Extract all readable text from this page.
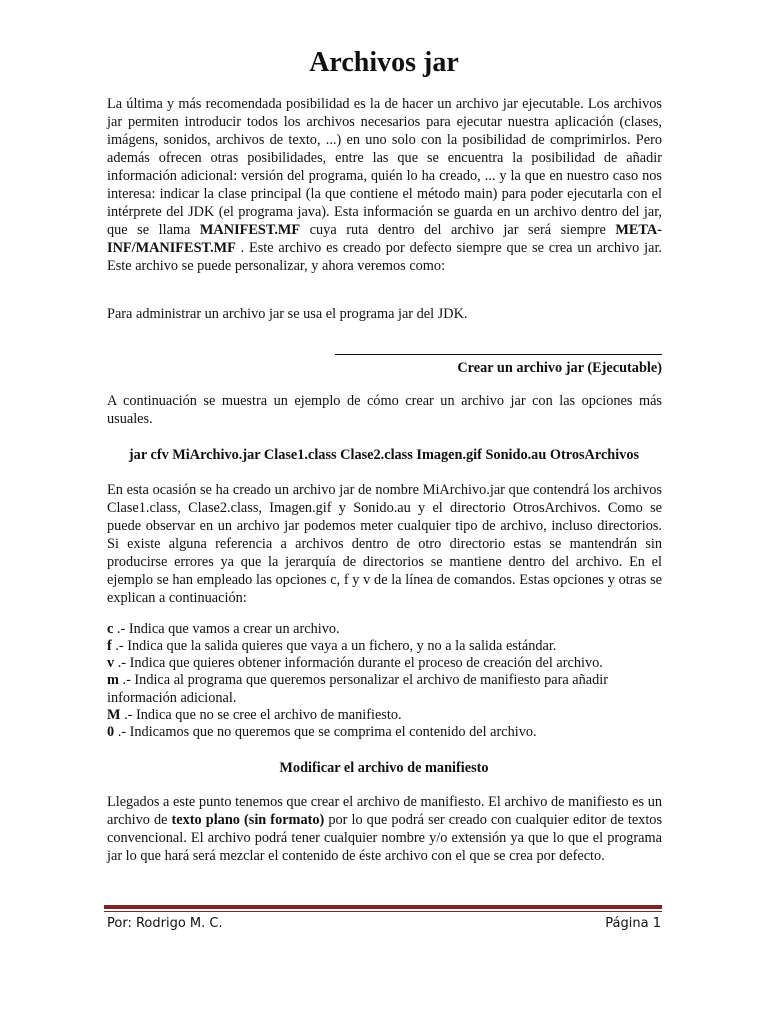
Archivos jar

La última y más recomendada posibilidad es la de hacer un archivo jar ejecutable. Los archivos jar permiten introducir todos los archivos necesarios para ejecutar nuestra aplicación (clases, imágens, sonidos, archivos de texto, ...) en uno solo con la posibilidad de comprimirlos. Pero además ofrecen otras posibilidades, entre las que se encuentra la posibilidad de añadir información adicional: versión del programa, quién lo ha creado, ... y la que en nuestro caso nos interesa: indicar la clase principal (la que contiene el método main) para poder ejecutarla con el intérprete del JDK (el programa java). Esta información se guarda en un archivo dentro del jar, que se llama MANIFEST.MF cuya ruta dentro del archivo jar será siempre META-INF/MANIFEST.MF . Este archivo es creado por defecto siempre que se crea un archivo jar. Este archivo se puede personalizar, y ahora veremos como:

Para administrar un archivo jar se usa el programa jar del JDK.

Crear un archivo jar (Ejecutable)

A continuación se muestra un ejemplo de cómo crear un archivo jar con las opciones más usuales.

jar cfv MiArchivo.jar Clase1.class Clase2.class Imagen.gif Sonido.au OtrosArchivos

En esta ocasión se ha creado un archivo jar de nombre MiArchivo.jar que contendrá los archivos Clase1.class, Clase2.class, Imagen.gif y Sonido.au y el directorio OtrosArchivos. Como se puede observar en un archivo jar podemos meter cualquier tipo de archivo, incluso directorios. Si existe alguna referencia a archivos dentro de otro directorio estas se mantendrán sin producirse errores ya que la jerarquía de directorios se mantiene dentro del archivo. En el ejemplo se han empleado las opciones c, f y v de la línea de comandos. Estas opciones y otras se explican a continuación:

c .- Indica que vamos a crear un archivo.
f .- Indica que la salida quieres que vaya a un fichero, y no a la salida estándar.
v .- Indica que quieres obtener información durante el proceso de creación del archivo.
m .- Indica al programa que queremos personalizar el archivo de manifiesto para añadir información adicional.
M .- Indica que no se cree el archivo de manifiesto.
0 .- Indicamos que no queremos que se comprima el contenido del archivo.
Modificar el archivo de manifiesto

Llegados a este punto tenemos que crear el archivo de manifiesto. El archivo de manifiesto es un archivo de texto plano (sin formato) por lo que podrá ser creado con cualquier editor de textos convencional. El archivo podrá tener cualquier nombre y/o extensión ya que lo que el programa jar lo que hará será mezclar el contenido de éste archivo con el que se crea por defecto.

Por: Rodrigo M. C.	Página 1
